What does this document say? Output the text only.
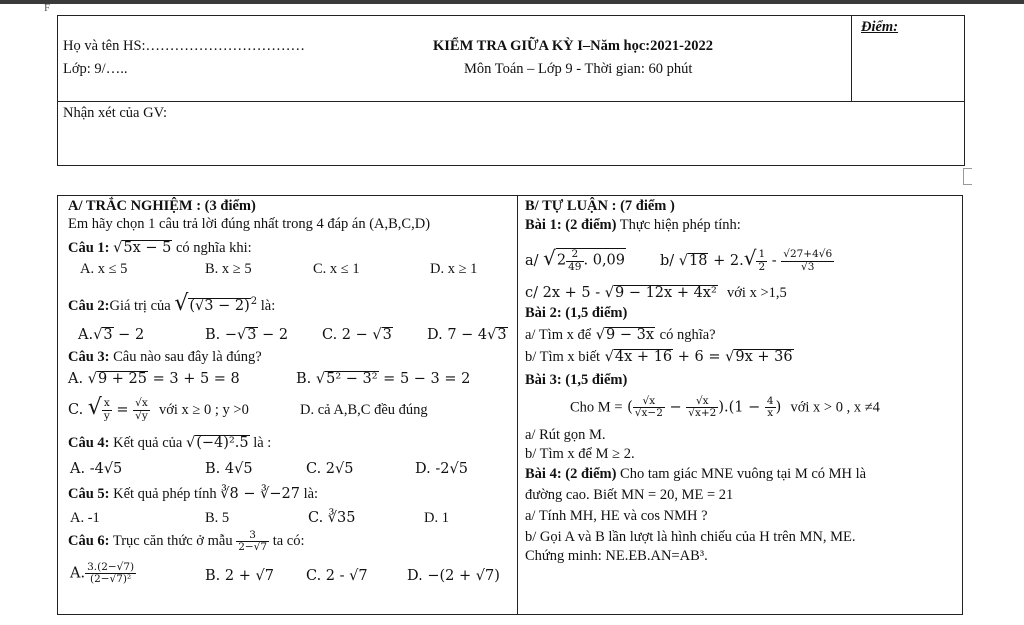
F
Họ và tên HS:……………………………
Lớp: 9/…..
KIỂM TRA GIỮA KỲ I–Năm học:2021-2022
Môn Toán – Lớp 9 - Thời gian: 60 phút
Điểm:
Nhận xét của GV:
A/ TRẮC NGHIỆM : (3 điểm)
Em hãy chọn 1 câu trả lời đúng nhất trong 4 đáp án (A,B,C,D)
Câu 1: √5x − 5 có nghĩa khi:
A. x ≤ 5	B. x ≥ 5	C. x ≤ 1	D. x ≥ 1
Câu 2:Giá trị của $√(√3 - 2)^2$ là:
A.√3 − 2	B. −√3 − 2 C. 2 − √3 D. 7 − 4√3
Câu 3: Câu nào sau đây là đúng?
A. √9 + 25 = 3 + 5 = 8	B. √5² − 3² = 5 − 3 = 2
C. √ $\frac{x}{y} = \frac{√x}{√y}$ với x ≥ 0 ; y >0	D. cả A,B,C đều đúng
Câu 4: Kết quả của √(−4)².5 là :
A. -4√5	B. 4√5	C. 2√5	D. -2√5
Câu 5: Kết quả phép tính ∛8 − ∛−27 là:
A. -1	B. 5	C. ∛35	D. 1
Câu 6: Trục căn thức ở mẫu $\frac{3}{2-√7}$ ta có:
A. $\frac{3.(2-√7)}{\text{(2−√7)²}}$	B. 2 + √7 C. 2 - √7	D. −(2 + √7)
B/ TỰ LUẬN : (7 điểm )
Bài 1: (2 điểm) Thực hiện phép tính:
a/ $√2 \frac{2}{49}$ . 0,09 b/ $√18 + 2.√ \frac{1}{2} - \frac{√27+4√6}{√3}$
c/ 2x + 5 - √9 − 12x + 4x² với x >1,5
Bài 2: (1,5 điểm)
a/ Tìm x để √9 − 3x có nghĩa?
b/ Tìm x biết √4x + 16 + 6 = √9x + 36
Bài 3: (1,5 điểm)
Cho M = ( $\frac{√x}{√x-2} - \frac{√x}{√x+2} ).(1 - \frac{4}{x}$ )  với x > 0 , x ≠4
a/ Rút gọn M.
b/ Tìm x để M ≥ 2.
Bài 4: (2 điểm) Cho tam giác MNE vuông tại M có MH là
đường cao. Biết MN = 20, ME = 21
a/ Tính MH, HE và cos NMH ?
b/ Gọi A và B lần lượt là hình chiếu của H trên MN, ME.
Chứng minh: NE.EB.AN=AB³.
